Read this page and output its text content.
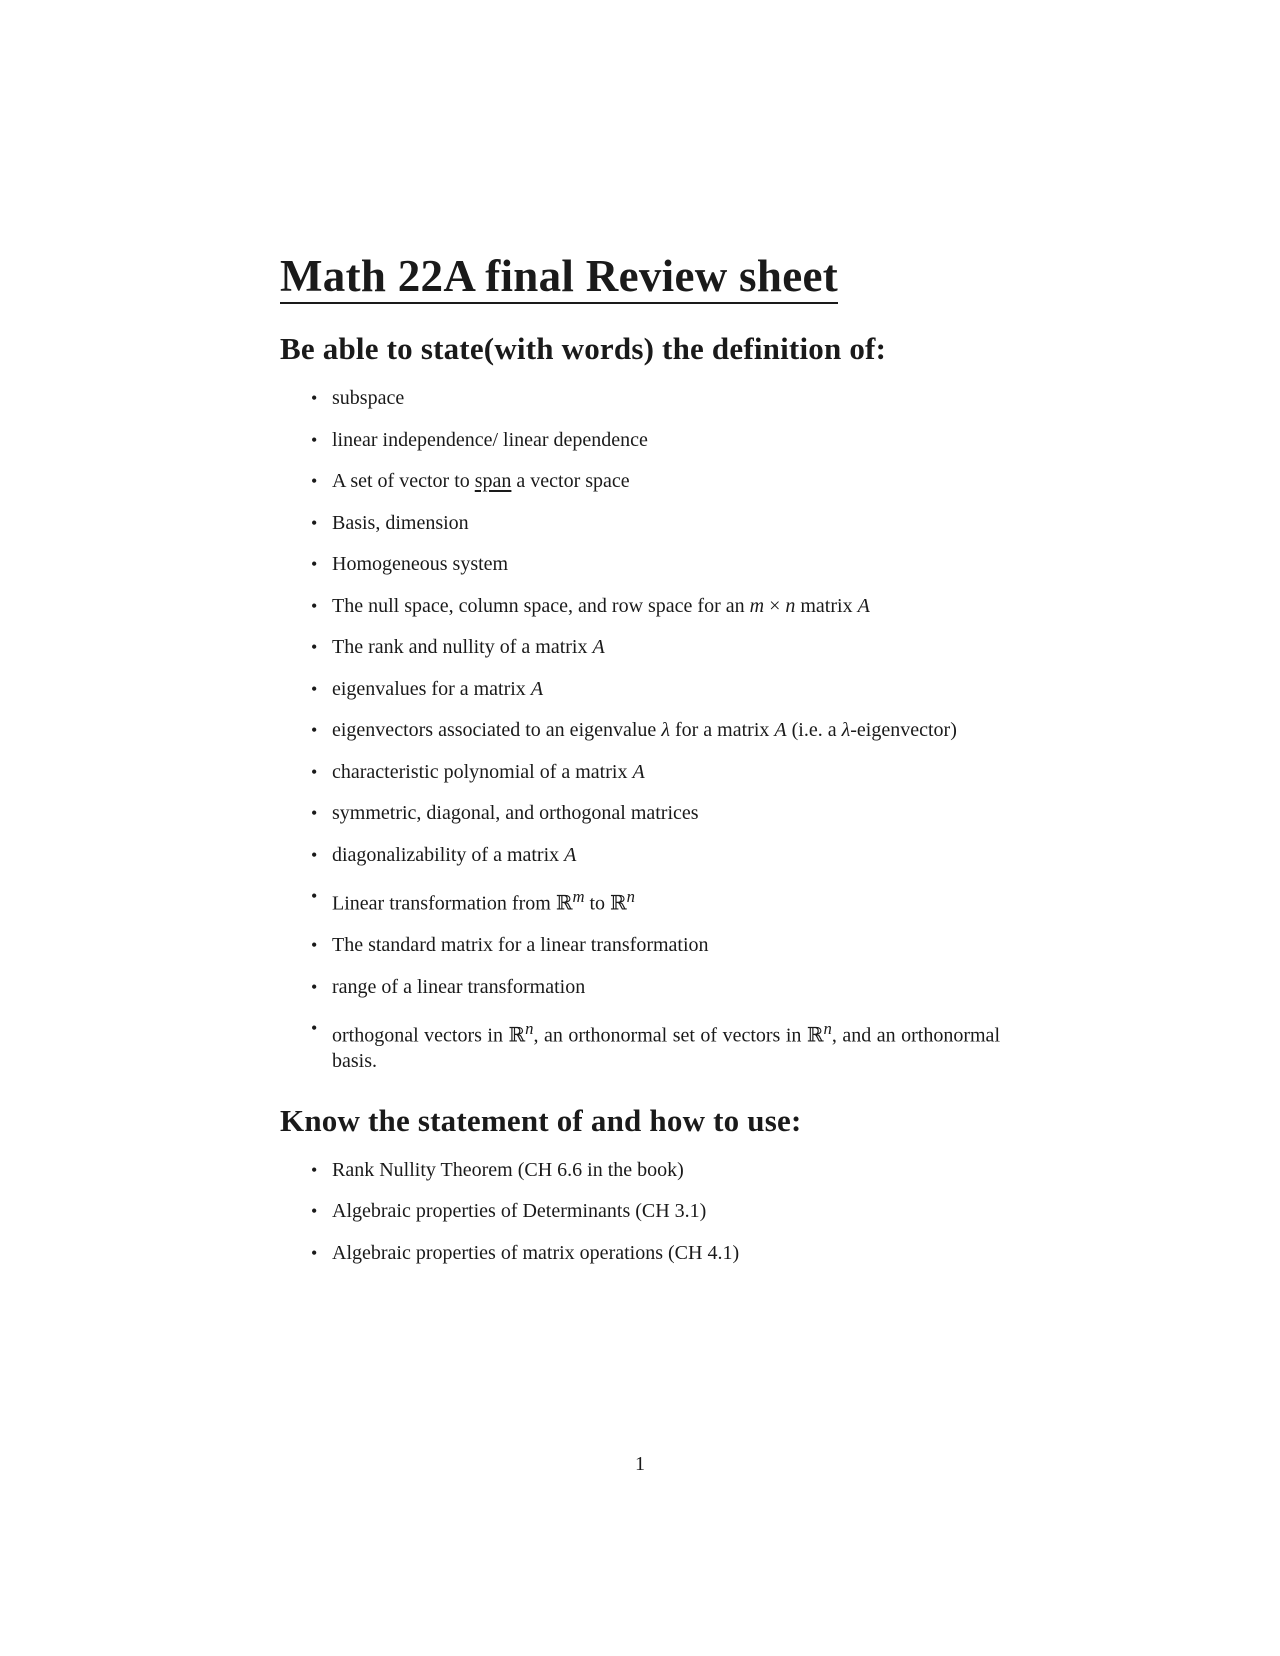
Math 22A final Review sheet
Be able to state(with words) the definition of:
• subspace
• linear independence/ linear dependence
• A set of vector to span a vector space
• Basis, dimension
• Homogeneous system
• The null space, column space, and row space for an m × n matrix A
• The rank and nullity of a matrix A
• eigenvalues for a matrix A
• eigenvectors associated to an eigenvalue λ for a matrix A (i.e. a λ-eigenvector)
• characteristic polynomial of a matrix A
• symmetric, diagonal, and orthogonal matrices
• diagonalizability of a matrix A
• Linear transformation from ℝ$^m$ to ℝ$^n$
• The standard matrix for a linear transformation
• range of a linear transformation
• orthogonal vectors in ℝ$^n$, an orthonormal set of vectors in ℝ$^n$, and an orthonormal basis.
Know the statement of and how to use:
• Rank Nullity Theorem (CH 6.6 in the book)
• Algebraic properties of Determinants (CH 3.1)
• Algebraic properties of matrix operations (CH 4.1)
1
